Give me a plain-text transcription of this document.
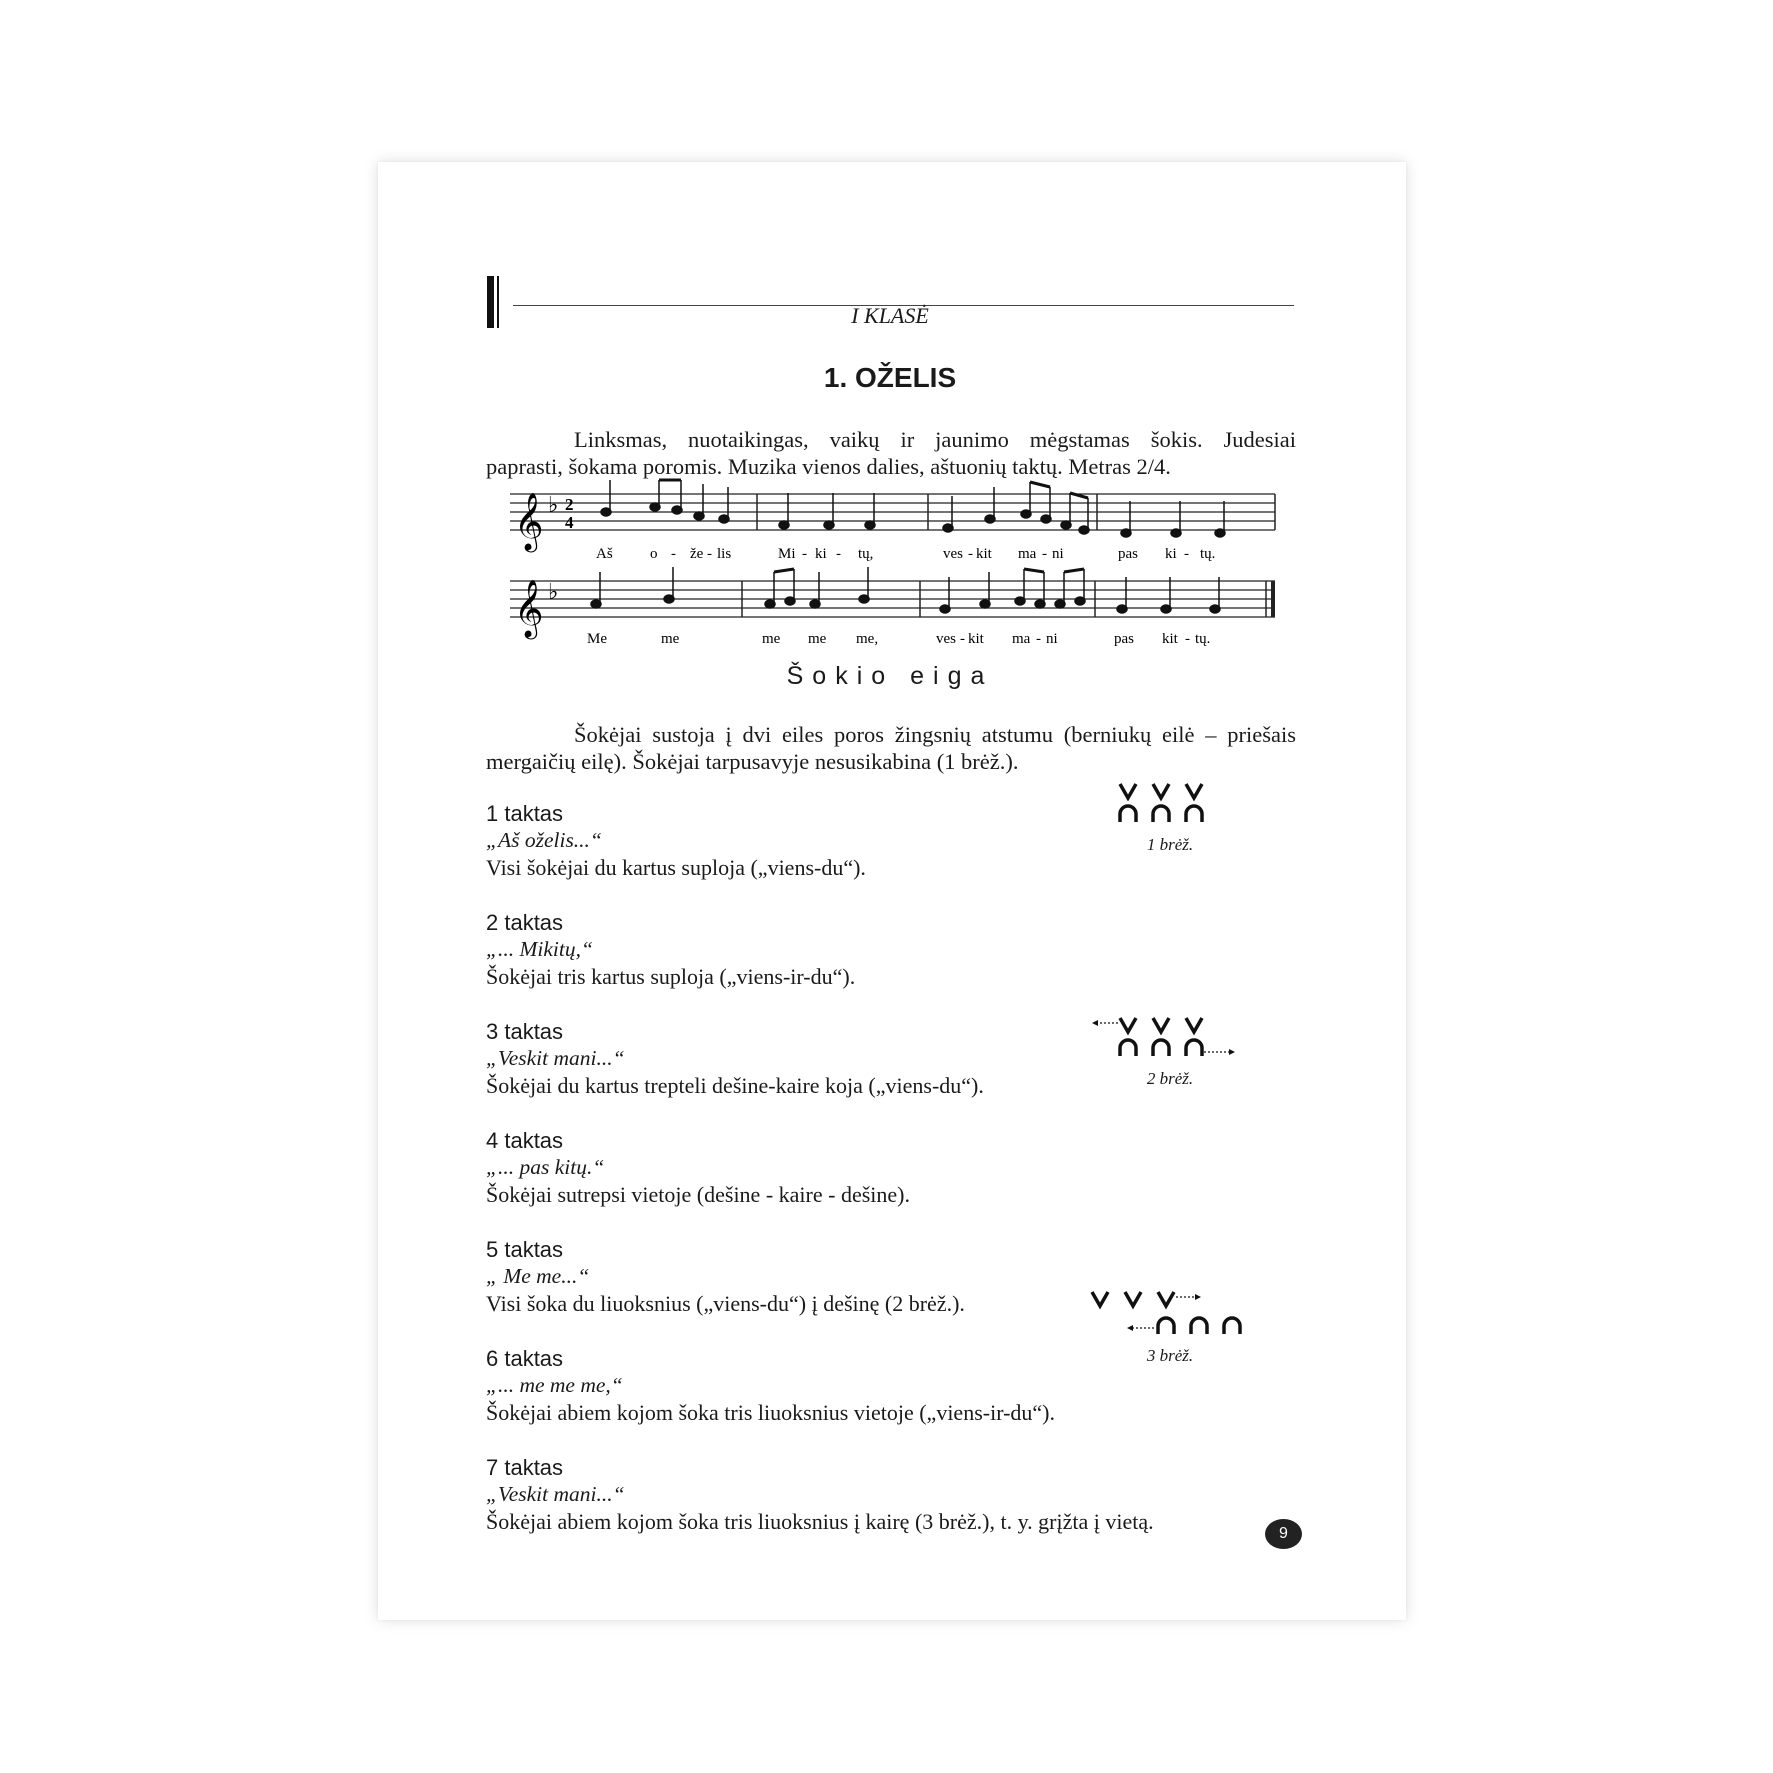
I KLASĖ
1. OŽELIS
Linksmas, nuotaikingas, vaikų ir jaunimo mėgstamas šokis. Judesiai
paprasti, šokama poromis. Muzika vienos dalies, aštuonių taktų. Metras 2/4.
𝄞 ♭ 2
4
Aš o - že - lis	Mi - ki - tų,	ves - kit ma - ni	pas ki - tų.
𝄞 ♭
Me	me	me me me,	ves - kit ma - ni	pas kit - tų.
Šokio eiga
Šokėjai sustoja į dvi eiles poros žingsnių atstumu (berniukų eilė – priešais
mergaičių eilę). Šokėjai tarpusavyje nesusikabina (1 brėž.).
1 taktas
„Aš oželis...“
Visi šokėjai du kartus suploja („viens-du“).
2 taktas
„... Mikitų,“
Šokėjai tris kartus suploja („viens-ir-du“).
3 taktas
„Veskit mani...“
Šokėjai du kartus trepteli dešine-kaire koja („viens-du“).
4 taktas
„... pas kitų.“
Šokėjai sutrepsi vietoje (dešine - kaire - dešine).
5 taktas
„ Me me...“
Visi šoka du liuoksnius („viens-du“) į dešinę (2 brėž.).
6 taktas
„... me me me,“
Šokėjai abiem kojom šoka tris liuoksnius vietoje („viens-ir-du“).
7 taktas
„Veskit mani...“
Šokėjai abiem kojom šoka tris liuoksnius į kairę (3 brėž.), t. y. grįžta į vietą.
1 brėž.
2 brėž.
3 brėž.
9
